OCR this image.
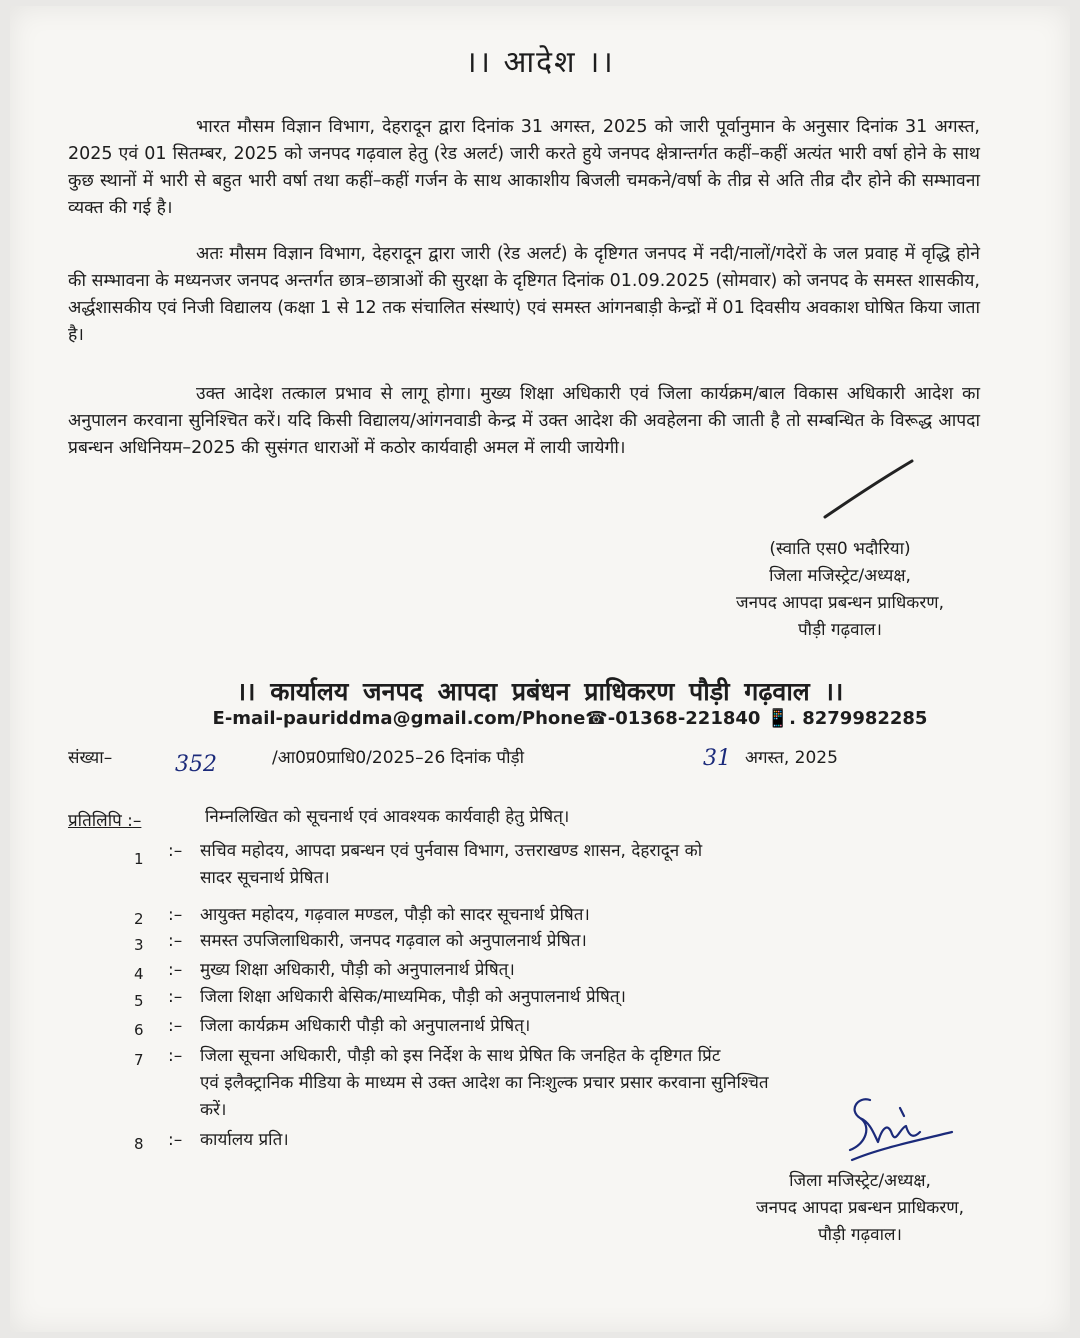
।। आदेश ।।
भारत मौसम विज्ञान विभाग, देहरादून द्वारा दिनांक 31 अगस्त, 2025 को जारी पूर्वानुमान के अनुसार दिनांक 31 अगस्त, 2025 एवं 01 सितम्बर, 2025 को जनपद गढ़वाल हेतु (रेड अलर्ट) जारी करते हुये जनपद क्षेत्रान्तर्गत कहीं–कहीं अत्यंत भारी वर्षा होने के साथ कुछ स्थानों में भारी से बहुत भारी वर्षा तथा कहीं–कहीं गर्जन के साथ आकाशीय बिजली चमकने/वर्षा के तीव्र से अति तीव्र दौर होने की सम्भावना व्यक्त की गई है।
अतः मौसम विज्ञान विभाग, देहरादून द्वारा जारी (रेड अलर्ट) के दृष्टिगत जनपद में नदी/नालों/गदेरों के जल प्रवाह में वृद्धि होने की सम्भावना के मध्यनजर जनपद अन्तर्गत छात्र–छात्राओं की सुरक्षा के दृष्टिगत दिनांक 01.09.2025 (सोमवार) को जनपद के समस्त शासकीय, अर्द्धशासकीय एवं निजी विद्यालय (कक्षा 1 से 12 तक संचालित संस्थाएं) एवं समस्त आंगनबाड़ी केन्द्रों में 01 दिवसीय अवकाश घोषित किया जाता है।
उक्त आदेश तत्काल प्रभाव से लागू होगा। मुख्य शिक्षा अधिकारी एवं जिला कार्यक्रम/बाल विकास अधिकारी आदेश का अनुपालन करवाना सुनिश्चित करें। यदि किसी विद्यालय/आंगनवाडी केन्द्र में उक्त आदेश की अवहेलना की जाती है तो सम्बन्धित के विरूद्ध आपदा प्रबन्धन अधिनियम–2025 की सुसंगत धाराओं में कठोर कार्यवाही अमल में लायी जायेगी।
(स्वाति एस0 भदौरिया)
जिला मजिस्ट्रेट/अध्यक्ष,
जनपद आपदा प्रबन्धन प्राधिकरण,
पौड़ी गढ़वाल।
।। कार्यालय जनपद आपदा प्रबंधन प्राधिकरण पौड़ी गढ़वाल ।।
E-mail-pauriddma@gmail.com/Phone☎-01368-221840 📱. 8279982285
संख्या–	352	/आ0प्र0प्राधि0/2025–26 दिनांक पौड़ी	31 अगस्त, 2025
प्रतिलिपि :–	निम्नलिखित को सूचनार्थ एवं आवश्यक कार्यवाही हेतु प्रेषित्।
1	:–	सचिव महोदय, आपदा प्रबन्धन एवं पुर्नवास विभाग, उत्तराखण्ड शासन, देहरादून को
सादर सूचनार्थ प्रेषित।
2	:–	आयुक्त महोदय, गढ़वाल मण्डल, पौड़ी को सादर सूचनार्थ प्रेषित।
3	:–	समस्त उपजिलाधिकारी, जनपद गढ़वाल को अनुपालनार्थ प्रेषित।
4	:–	मुख्य शिक्षा अधिकारी, पौड़ी को अनुपालनार्थ प्रेषित्।
5	:–	जिला शिक्षा अधिकारी बेसिक/माध्यमिक, पौड़ी को अनुपालनार्थ प्रेषित्।
6	:–	जिला कार्यक्रम अधिकारी पौड़ी को अनुपालनार्थ प्रेषित्।
7	:–	जिला सूचना अधिकारी, पौड़ी को इस निर्देश के साथ प्रेषित कि जनहित के दृष्टिगत प्रिंट
एवं इलैक्ट्रानिक मीडिया के माध्यम से उक्त आदेश का निःशुल्क प्रचार प्रसार करवाना सुनिश्चित
करें।
8	:–	कार्यालय प्रति।
जिला मजिस्ट्रेट/अध्यक्ष,
जनपद आपदा प्रबन्धन प्राधिकरण,
पौड़ी गढ़वाल।
